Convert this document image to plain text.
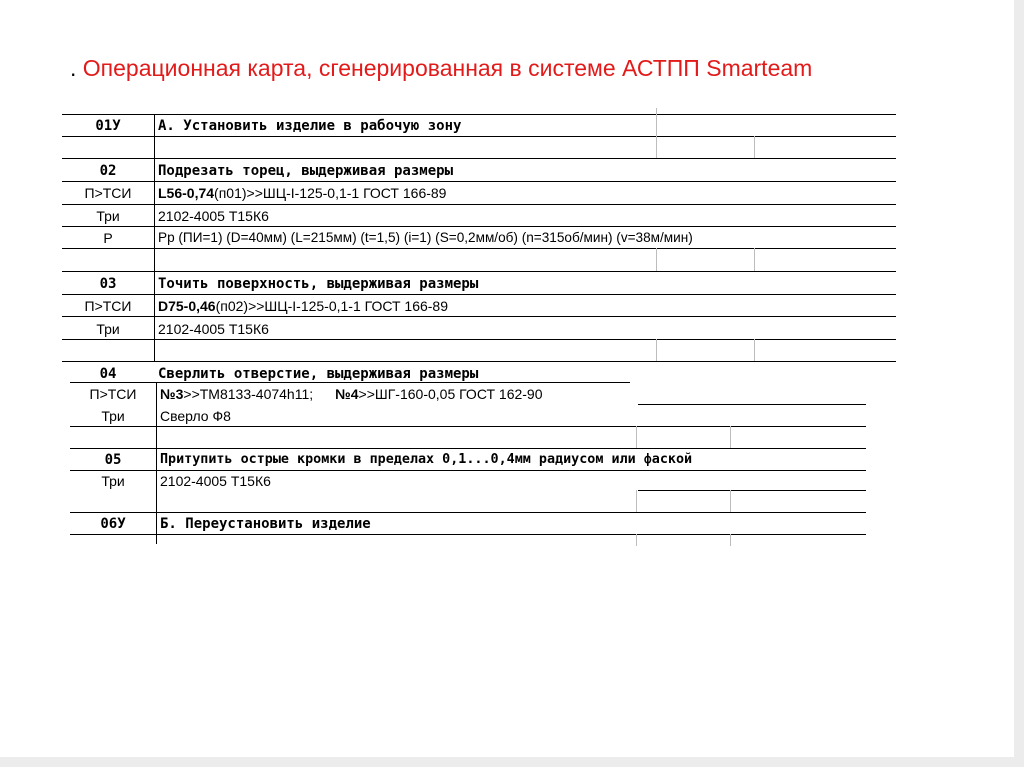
. Операционная карта, сгенерированная в системе АСТПП Smarteam
01У	А. Установить изделие в рабочую зону
02	Подрезать торец, выдерживая размеры
П>ТСИ	L56-0,74(п01)>>ШЦ-I-125-0,1-1 ГОСТ 166-89
Три	2102-4005 Т15К6
Р	Рр (ПИ=1) (D=40мм) (L=215мм) (t=1,5) (i=1) (S=0,2мм/об) (n=315об/мин) (v=38м/мин)
03	Точить поверхность, выдерживая размеры
П>ТСИ	D75-0,46(п02)>>ШЦ-I-125-0,1-1 ГОСТ 166-89
Три	2102-4005 Т15К6
04	Сверлить отверстие, выдерживая размеры
П>ТСИ	№3>>ТМ8133-4074h11; №4>>ШГ-160-0,05 ГОСТ 162-90
Три	Сверло Ф8
05	Притупить острые кромки в пределах 0,1...0,4мм радиусом или фаской
Три	2102-4005 Т15К6
06У	Б. Переустановить изделие
